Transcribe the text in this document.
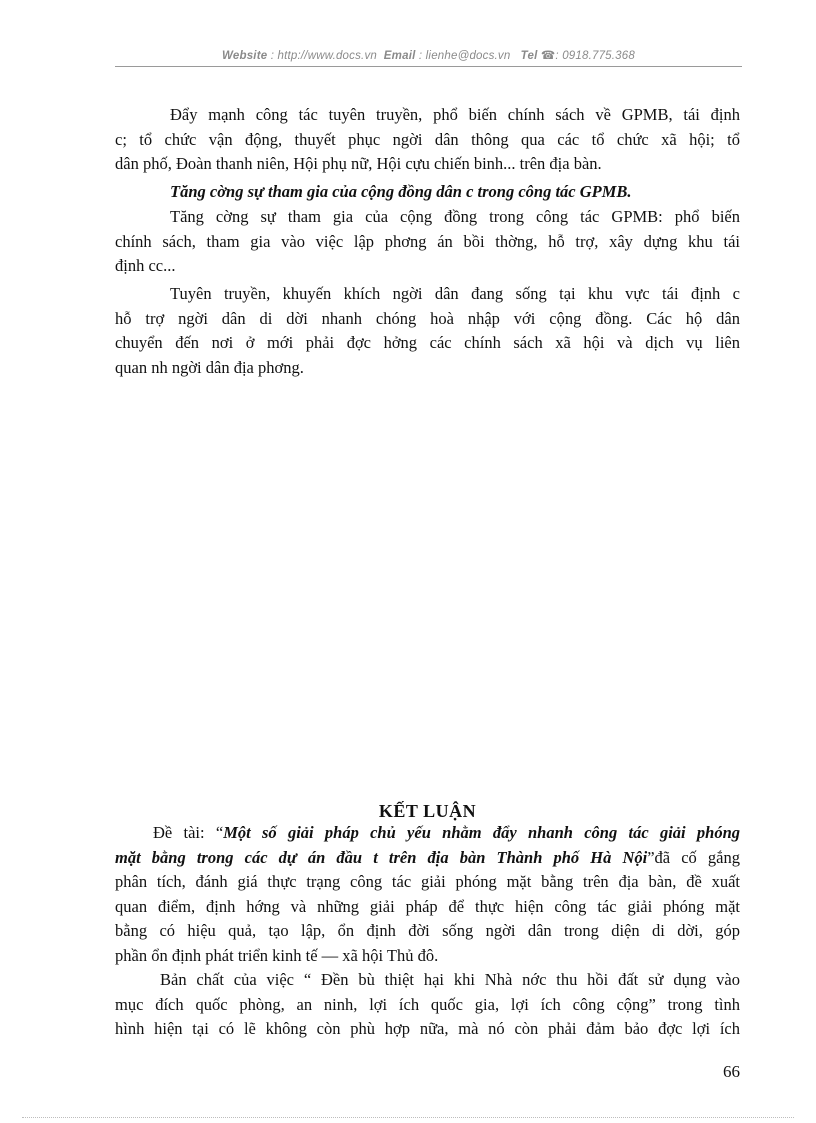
Website : http://www.docs.vn Email : lienhe@docs.vn Tel ☎: 0918.775.368
Đẩy mạnh công tác tuyên truyền, phổ biến chính sách về GPMB, tái định
c; tổ chức vận động, thuyết phục ngời dân thông qua các tổ chức xã hội; tổ
dân phố, Đoàn thanh niên, Hội phụ nữ, Hội cựu chiến binh... trên địa bàn.
Tăng cờng sự tham gia của cộng đồng dân c trong công tác GPMB.
Tăng cờng sự tham gia của cộng đồng trong công tác GPMB: phổ biến
chính sách, tham gia vào việc lập phơng án bồi thờng, hỗ trợ, xây dựng khu tái
định cc...
Tuyên truyền, khuyến khích ngời dân đang sống tại khu vực tái định c
hỗ trợ ngời dân di dời nhanh chóng hoà nhập với cộng đồng. Các hộ dân
chuyển đến nơi ở mới phải đợc hởng các chính sách xã hội và dịch vụ liên
quan nh ngời dân địa phơng.
KẾT LUẬN
Đề tài: “Một số giải pháp chủ yếu nhằm đẩy nhanh công tác giải phóng
mặt bằng trong các dự án đầu t trên địa bàn Thành phố Hà Nội”đã cố gắng
phân tích, đánh giá thực trạng công tác giải phóng mặt bằng trên địa bàn, đề xuất
quan điểm, định hớng và những giải pháp để thực hiện công tác giải phóng mặt
bằng có hiệu quả, tạo lập, ổn định đời sống ngời dân trong diện di dời, góp
phần ổn định phát triển kinh tế — xã hội Thủ đô.
Bản chất của việc “ Đền bù thiệt hại khi Nhà nớc thu hồi đất sử dụng vào
mục đích quốc phòng, an ninh, lợi ích quốc gia, lợi ích công cộng” trong tình
hình hiện tại có lẽ không còn phù hợp nữa, mà nó còn phải đảm bảo đợc lợi ích
66
